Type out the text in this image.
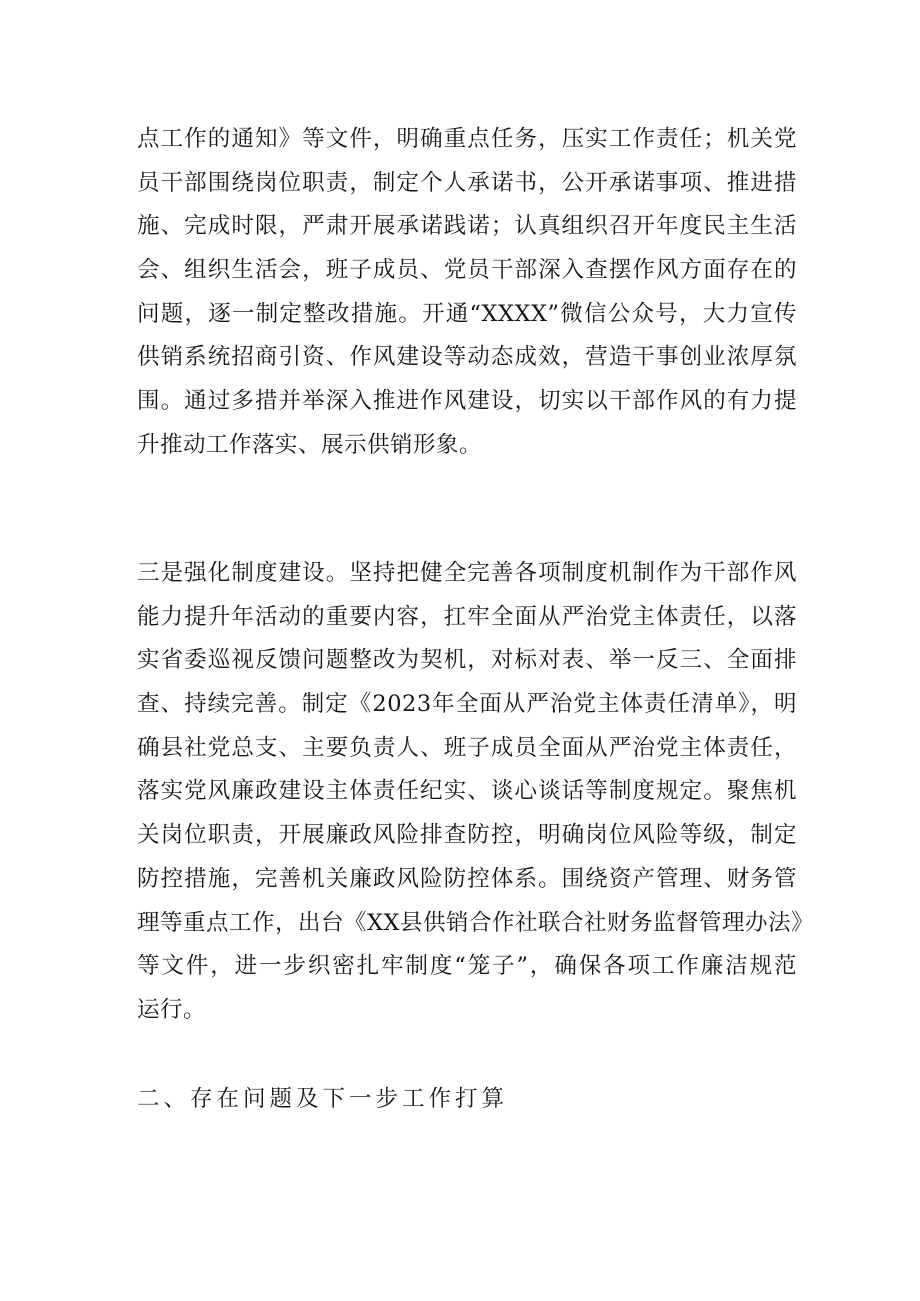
点工作的通知》等文件，明确重点任务，压实工作责任；机关党
员干部围绕岗位职责，制定个人承诺书，公开承诺事项、推进措
施、完成时限，严肃开展承诺践诺；认真组织召开年度民主生活
会、组织生活会，班子成员、党员干部深入查摆作风方面存在的
问题，逐一制定整改措施。开通“XXXX”微信公众号，大力宣传
供销系统招商引资、作风建设等动态成效，营造干事创业浓厚氛
围。通过多措并举深入推进作风建设，切实以干部作风的有力提
升推动工作落实、展示供销形象。
三是强化制度建设。坚持把健全完善各项制度机制作为干部作风
能力提升年活动的重要内容，扛牢全面从严治党主体责任，以落
实省委巡视反馈问题整改为契机，对标对表、举一反三、全面排
查、持续完善。制定《2023年全面从严治党主体责任清单》，明
确县社党总支、主要负责人、班子成员全面从严治党主体责任，
落实党风廉政建设主体责任纪实、谈心谈话等制度规定。聚焦机
关岗位职责，开展廉政风险排查防控，明确岗位风险等级，制定
防控措施，完善机关廉政风险防控体系。围绕资产管理、财务管
理等重点工作，出台《XX县供销合作社联合社财务监督管理办法》
等文件，进一步织密扎牢制度“笼子”，确保各项工作廉洁规范
运行。
二、存在问题及下一步工作打算
